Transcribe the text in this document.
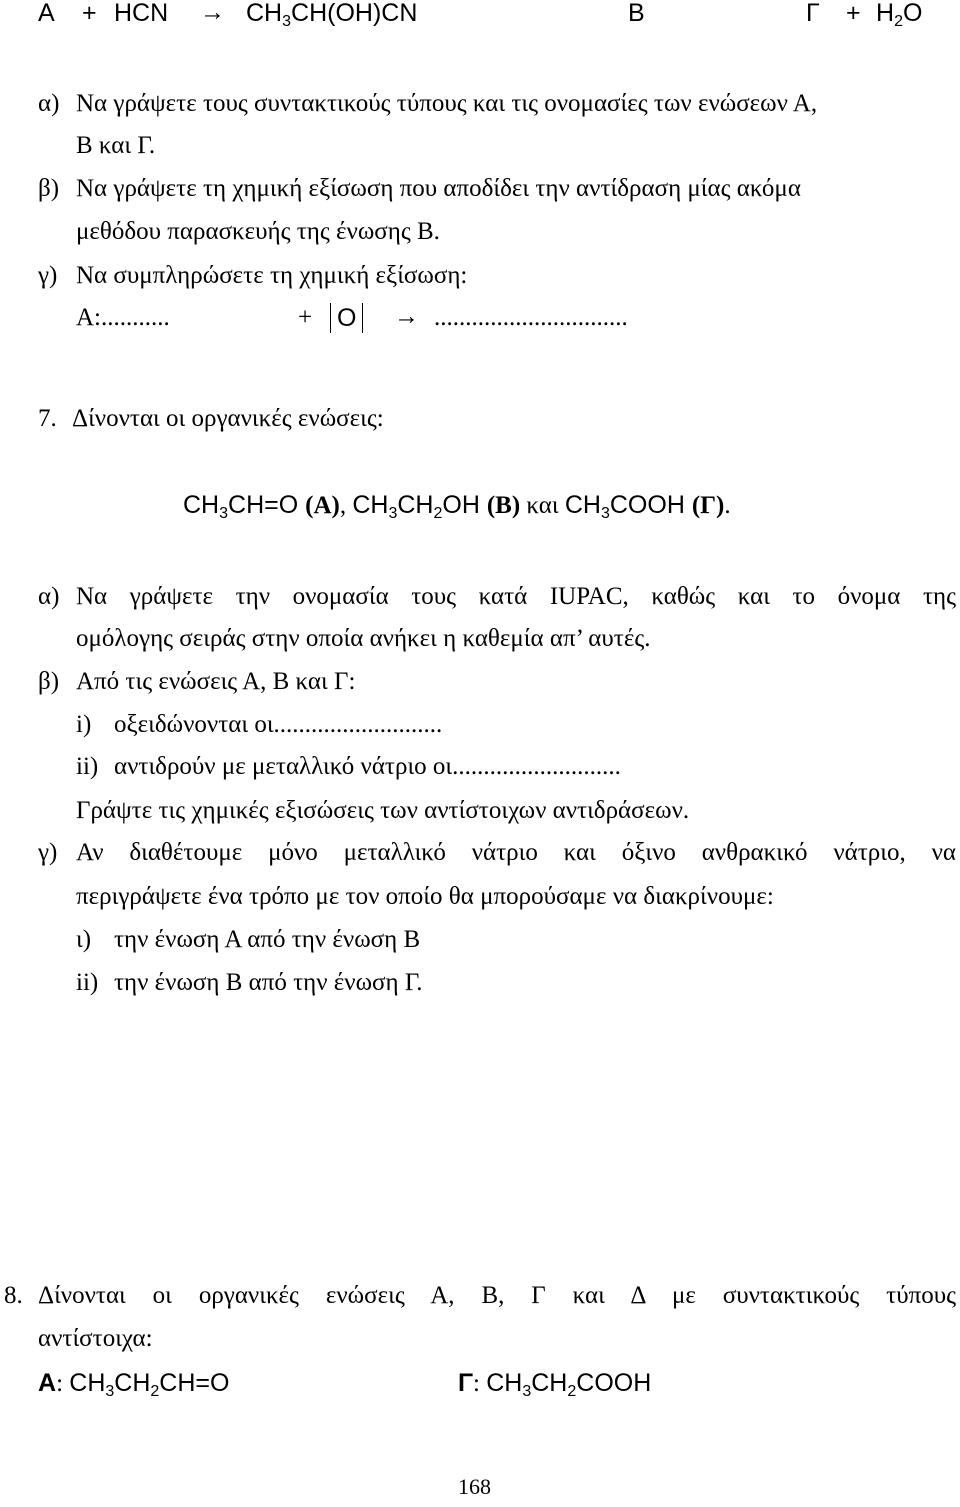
Α + HCN → $CH_3CH(OH)CN$	Β	$\Gamma + H_2O$
α) Να γράψετε τους συντακτικούς τύπους και τις ονομασίες των ενώσεων Α,
Β και Γ.
β) Να γράψετε τη χημική εξίσωση που αποδίδει την αντίδραση μίας ακόμα
μεθόδου παρασκευής της ένωσης Β.
γ) Να συμπληρώσετε τη χημική εξίσωση:
Α:...........	+ O → ...............................
7. Δίνονται οι οργανικές ενώσεις:
$CH_3CH=O$ (Α), $CH_3CH_2OH$ (Β) και $CH_3COOH$ (Γ).
α) Να γράψετε την ονομασία τους κατά IUPAC, καθώς και το όνομα της
ομόλογης σειράς στην οποία ανήκει η καθεμία απ’ αυτές.
β) Από τις ενώσεις Α, Β και Γ:
i) οξειδώνονται οι...........................
ii) αντιδρούν με μεταλλικό νάτριο οι...........................
Γράψτε τις χημικές εξισώσεις των αντίστοιχων αντιδράσεων.
γ) Αν διαθέτουμε μόνο μεταλλικό νάτριο και όξινο ανθρακικό νάτριο, να
περιγράψετε ένα τρόπο με τον οποίο θα μπορούσαμε να διακρίνουμε:
ι) την ένωση Α από την ένωση Β
ii) την ένωση Β από την ένωση Γ.
8. Δίνονται οι οργανικές ενώσεις Α, Β, Γ και Δ με συντακτικούς τύπους
αντίστοιχα:
Α: $CH_3CH_2CH=O$	Γ: $CH_3CH_2COOH$
168
